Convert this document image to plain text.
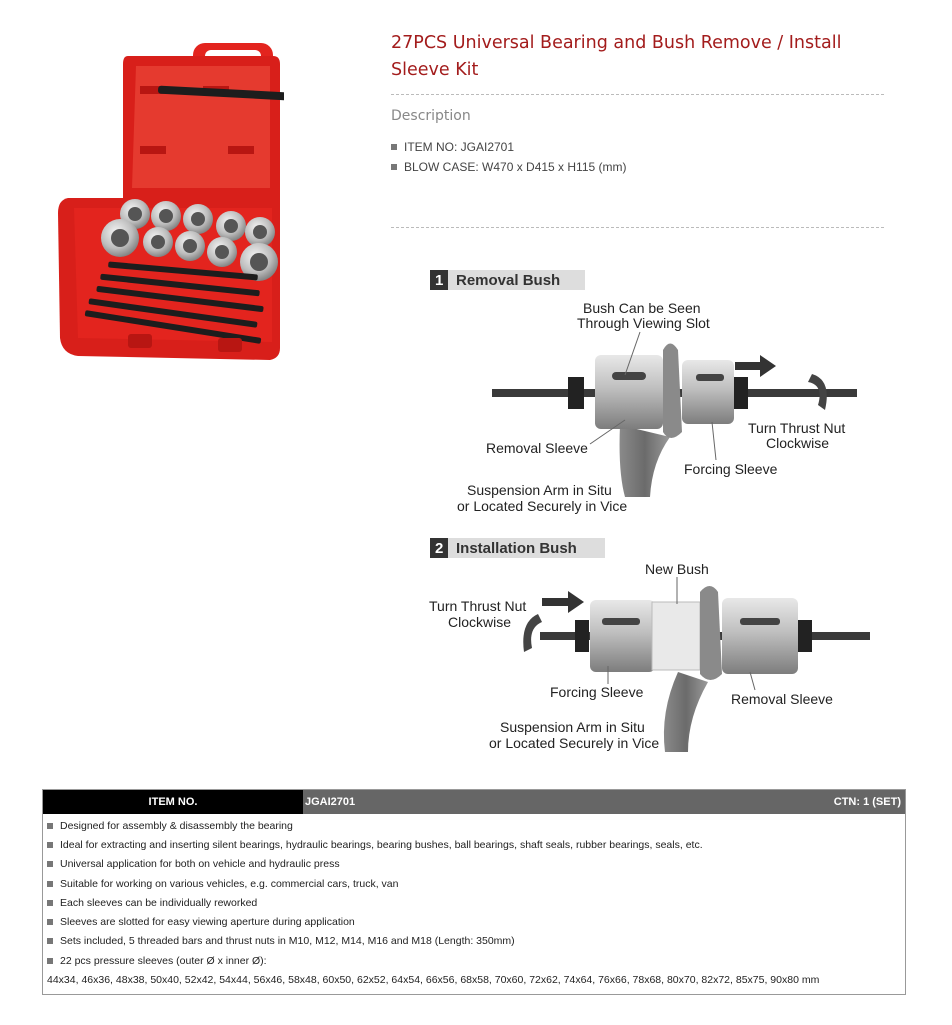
27PCS Universal Bearing and Bush Remove / Install Sleeve Kit
Description
ITEM NO: JGAI2701
BLOW CASE: W470 x D415 x H115 (mm)
1 Removal Bush
Bush Can be Seen
Through Viewing Slot
Turn Thrust Nut
Clockwise
Removal Sleeve
Forcing Sleeve
Suspension Arm in Situ
or Located Securely in Vice
2 Installation Bush
New Bush
Turn Thrust Nut
Clockwise
Forcing Sleeve	Removal Sleeve
Suspension Arm in Situ
or Located Securely in Vice
ITEM NO.	JGAI2701	CTN: 1 (SET)
Designed for assembly & disassembly the bearing
Ideal for extracting and inserting silent bearings, hydraulic bearings, bearing bushes, ball bearings, shaft seals, rubber bearings, seals, etc.
Universal application for both on vehicle and hydraulic press
Suitable for working on various vehicles, e.g. commercial cars, truck, van
Each sleeves can be individually reworked
Sleeves are slotted for easy viewing aperture during application
Sets included, 5 threaded bars and thrust nuts in M10, M12, M14, M16 and M18 (Length: 350mm)
22 pcs pressure sleeves (outer Ø x inner Ø):
44x34, 46x36, 48x38, 50x40, 52x42, 54x44, 56x46, 58x48, 60x50, 62x52, 64x54, 66x56, 68x58, 70x60, 72x62, 74x64, 76x66, 78x68, 80x70, 82x72, 85x75, 90x80 mm
